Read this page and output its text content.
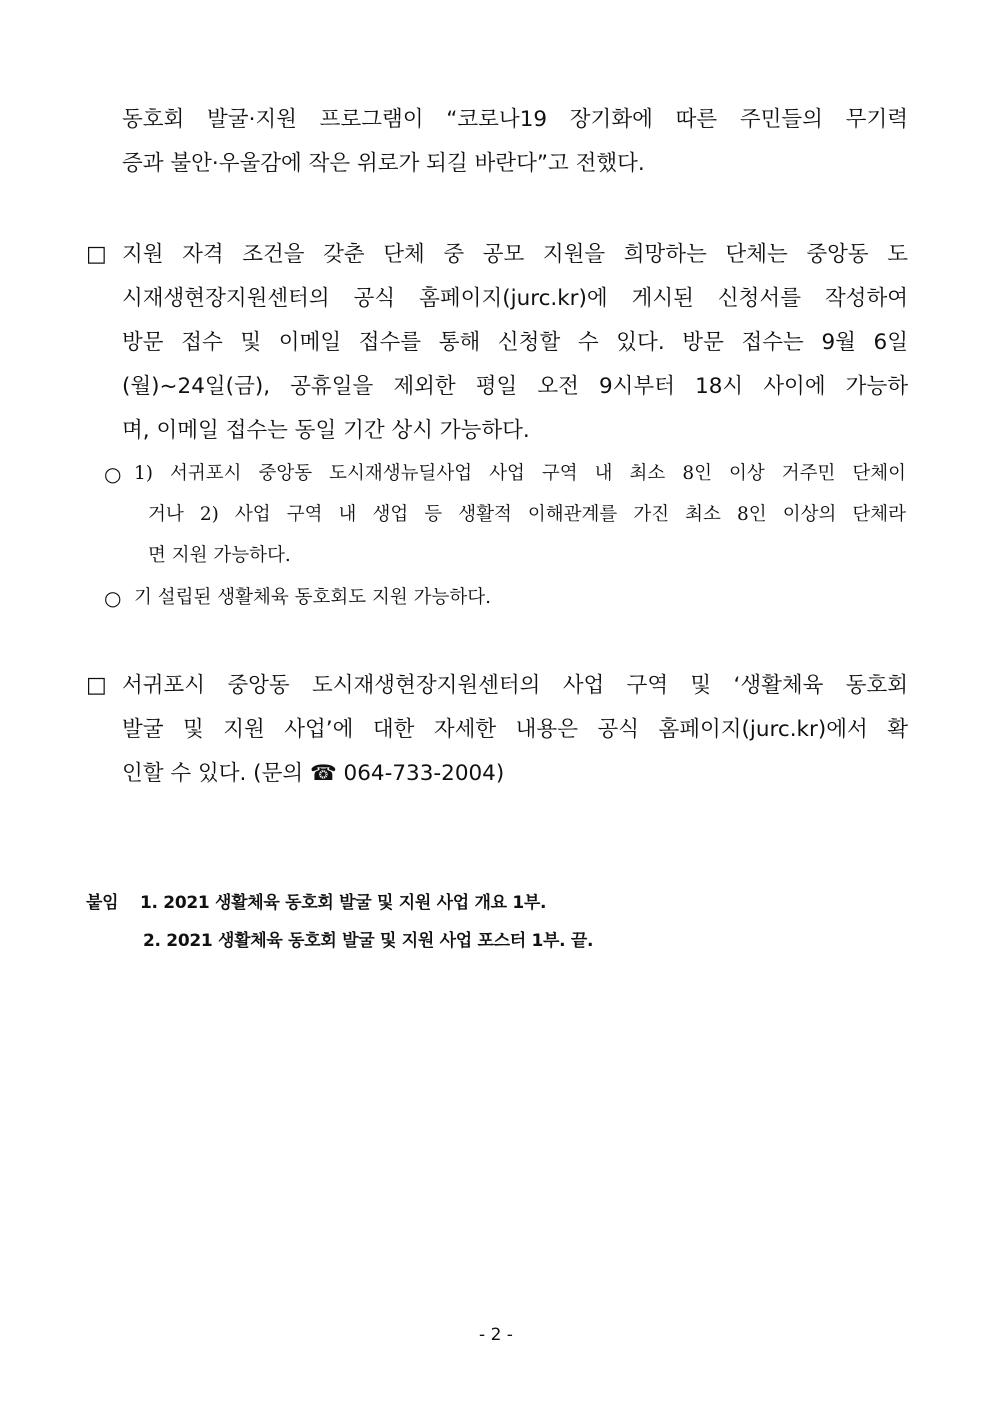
동호회 발굴·지원 프로그램이 “코로나19 장기화에 따른 주민들의 무기력
증과 불안·우울감에 작은 위로가 되길 바란다”고 전했다.
□ 지원 자격 조건을 갖춘 단체 중 공모 지원을 희망하는 단체는 중앙동 도
시재생현장지원센터의 공식 홈페이지(jurc.kr)에 게시된 신청서를 작성하여
방문 접수 및 이메일 접수를 통해 신청할 수 있다. 방문 접수는 9월 6일
(월)~24일(금), 공휴일을 제외한 평일 오전 9시부터 18시 사이에 가능하
며, 이메일 접수는 동일 기간 상시 가능하다.
○ 1) 서귀포시 중앙동 도시재생뉴딜사업 사업 구역 내 최소 8인 이상 거주민 단체이
거나 2) 사업 구역 내 생업 등 생활적 이해관계를 가진 최소 8인 이상의 단체라
면 지원 가능하다.
○ 기 설립된 생활체육 동호회도 지원 가능하다.
□ 서귀포시 중앙동 도시재생현장지원센터의 사업 구역 및 ‘생활체육 동호회
발굴 및 지원 사업’에 대한 자세한 내용은 공식 홈페이지(jurc.kr)에서 확
인할 수 있다. (문의 ☎ 064-733-2004)
붙임 1. 2021 생활체육 동호회 발굴 및 지원 사업 개요 1부.
2. 2021 생활체육 동호회 발굴 및 지원 사업 포스터 1부. 끝.
- 2 -
